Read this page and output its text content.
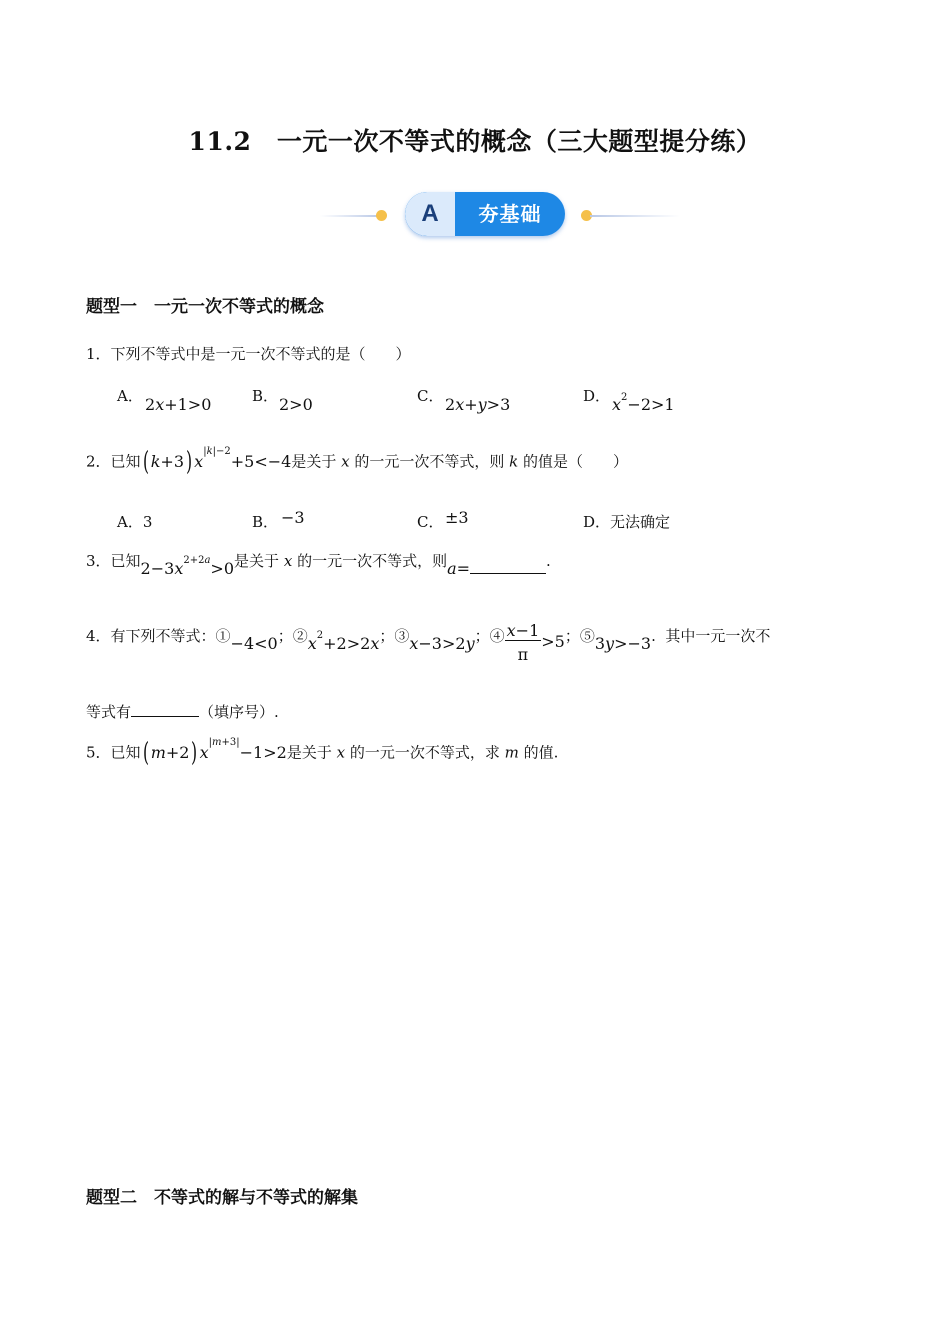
11.2　一元一次不等式的概念（三大题型提分练）
A	夯基础
题型一　一元一次不等式的概念
1．下列不等式中是一元一次不等式的是（　　）
A． 2x+1>0	B． 2>0	C． 2x+y>3	D． $x^2-2>1$
2．已知( k+3) $x^{|k|-2}+5<-4$是关于 x 的一元一次不等式，则 k 的值是（　　）
A．3	B． −3	C． ±3	D．无法确定
3．已知$2-3x^{2+2a}>0$是关于 x 的一元一次不等式，则a=	.
4．有下列不等式：①−4<0；$②x^2+2>2x$；③x−3>2y；④ $\frac{x-1}{\pi} >5$；⑤3y>−3.  其中一元一次不
等式有	（填序号）.
5．已知( m+2) $x^{|m+3|}-1>2$是关于 x 的一元一次不等式，求 m 的值.
题型二　不等式的解与不等式的解集
